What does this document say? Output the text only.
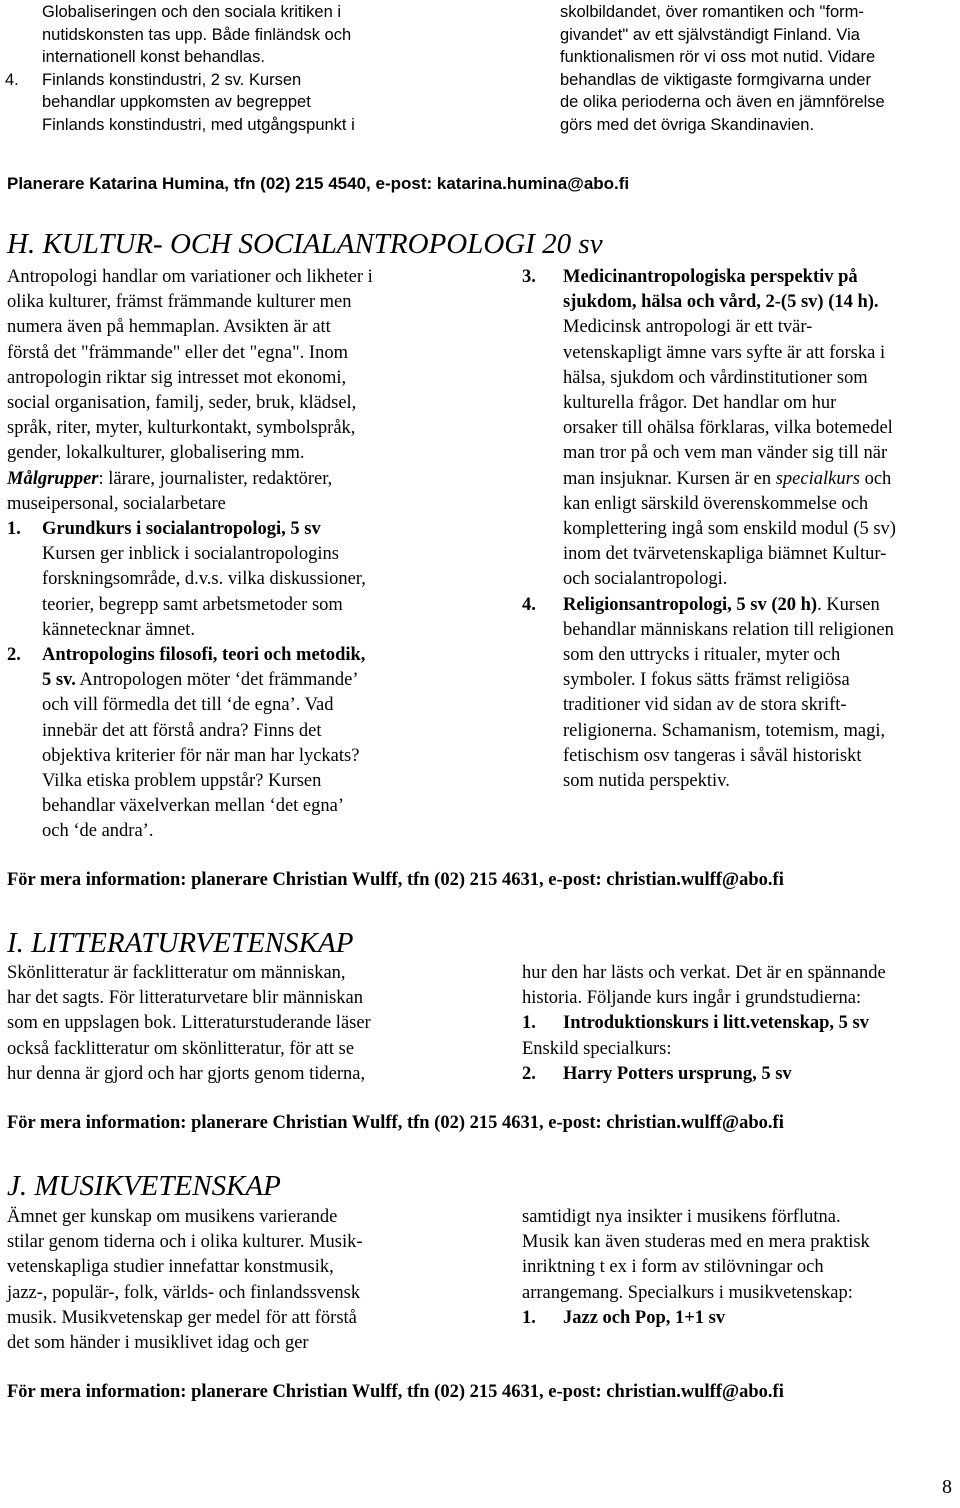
Globaliseringen och den sociala kritiken i
nutidskonsten tas upp. Både finländsk och
internationell konst behandlas.
4.	Finlands konstindustri, 2 sv. Kursen
behandlar uppkomsten av begreppet
Finlands konstindustri, med utgångspunkt i
skolbildandet, över romantiken och "form-
givandet" av ett självständigt Finland. Via
funktionalismen rör vi oss mot nutid. Vidare
behandlas de viktigaste formgivarna under
de olika perioderna och även en jämnförelse
görs med det övriga Skandinavien.
Planerare Katarina Humina, tfn (02) 215 4540, e-post: katarina.humina@abo.fi
H. KULTUR- OCH SOCIALANTROPOLOGI 20 sv
Antropologi handlar om variationer och likheter i
olika kulturer, främst främmande kulturer men
numera även på hemmaplan. Avsikten är att
förstå det "främmande" eller det "egna". Inom
antropologin riktar sig intresset mot ekonomi,
social organisation, familj, seder, bruk, klädsel,
språk, riter, myter, kulturkontakt, symbolspråk,
gender, lokalkulturer, globalisering mm.
Målgrupper: lärare, journalister, redaktörer,
museipersonal, socialarbetare
1.	Grundkurs i socialantropologi, 5 sv
Kursen ger inblick i socialantropologins
forskningsområde, d.v.s. vilka diskussioner,
teorier, begrepp samt arbetsmetoder som
kännetecknar ämnet.
2.	Antropologins filosofi, teori och metodik,
5 sv. Antropologen möter ‘det främmande’
och vill förmedla det till ‘de egna’. Vad
innebär det att förstå andra? Finns det
objektiva kriterier för när man har lyckats?
Vilka etiska problem uppstår? Kursen
behandlar växelverkan mellan ‘det egna’
och ‘de andra’.
3.	Medicinantropologiska perspektiv på
sjukdom, hälsa och vård, 2-(5 sv) (14 h).
Medicinsk antropologi är ett tvär-
vetenskapligt ämne vars syfte är att forska i
hälsa, sjukdom och vårdinstitutioner som
kulturella frågor. Det handlar om hur
orsaker till ohälsa förklaras, vilka botemedel
man tror på och vem man vänder sig till när
man insjuknar. Kursen är en specialkurs och
kan enligt särskild överenskommelse och
komplettering ingå som enskild modul (5 sv)
inom det tvärvetenskapliga biämnet Kultur-
och socialantropologi.
4.	Religionsantropologi, 5 sv (20 h). Kursen
behandlar människans relation till religionen
som den uttrycks i ritualer, myter och
symboler. I fokus sätts främst religiösa
traditioner vid sidan av de stora skrift-
religionerna. Schamanism, totemism, magi,
fetischism osv tangeras i såväl historiskt
som nutida perspektiv.
För mera information: planerare Christian Wulff, tfn (02) 215 4631, e-post: christian.wulff@abo.fi
I. LITTERATURVETENSKAP
Skönlitteratur är facklitteratur om människan,
har det sagts. För litteraturvetare blir människan
som en uppslagen bok. Litteraturstuderande läser
också facklitteratur om skönlitteratur, för att se
hur denna är gjord och har gjorts genom tiderna,
hur den har lästs och verkat. Det är en spännande
historia. Följande kurs ingår i grundstudierna:
1.	Introduktionskurs i litt.vetenskap, 5 sv
Enskild specialkurs:
2.	Harry Potters ursprung, 5 sv
För mera information: planerare Christian Wulff, tfn (02) 215 4631, e-post: christian.wulff@abo.fi
J. MUSIKVETENSKAP
Ämnet ger kunskap om musikens varierande
stilar genom tiderna och i olika kulturer. Musik-
vetenskapliga studier innefattar konstmusik,
jazz-, populär-, folk, världs- och finlandssvensk
musik. Musikvetenskap ger medel för att förstå
det som händer i musiklivet idag och ger
samtidigt nya insikter i musikens förflutna.
Musik kan även studeras med en mera praktisk
inriktning t ex i form av stilövningar och
arrangemang. Specialkurs i musikvetenskap:
1.	Jazz och Pop, 1+1 sv
För mera information: planerare Christian Wulff, tfn (02) 215 4631, e-post: christian.wulff@abo.fi
8
